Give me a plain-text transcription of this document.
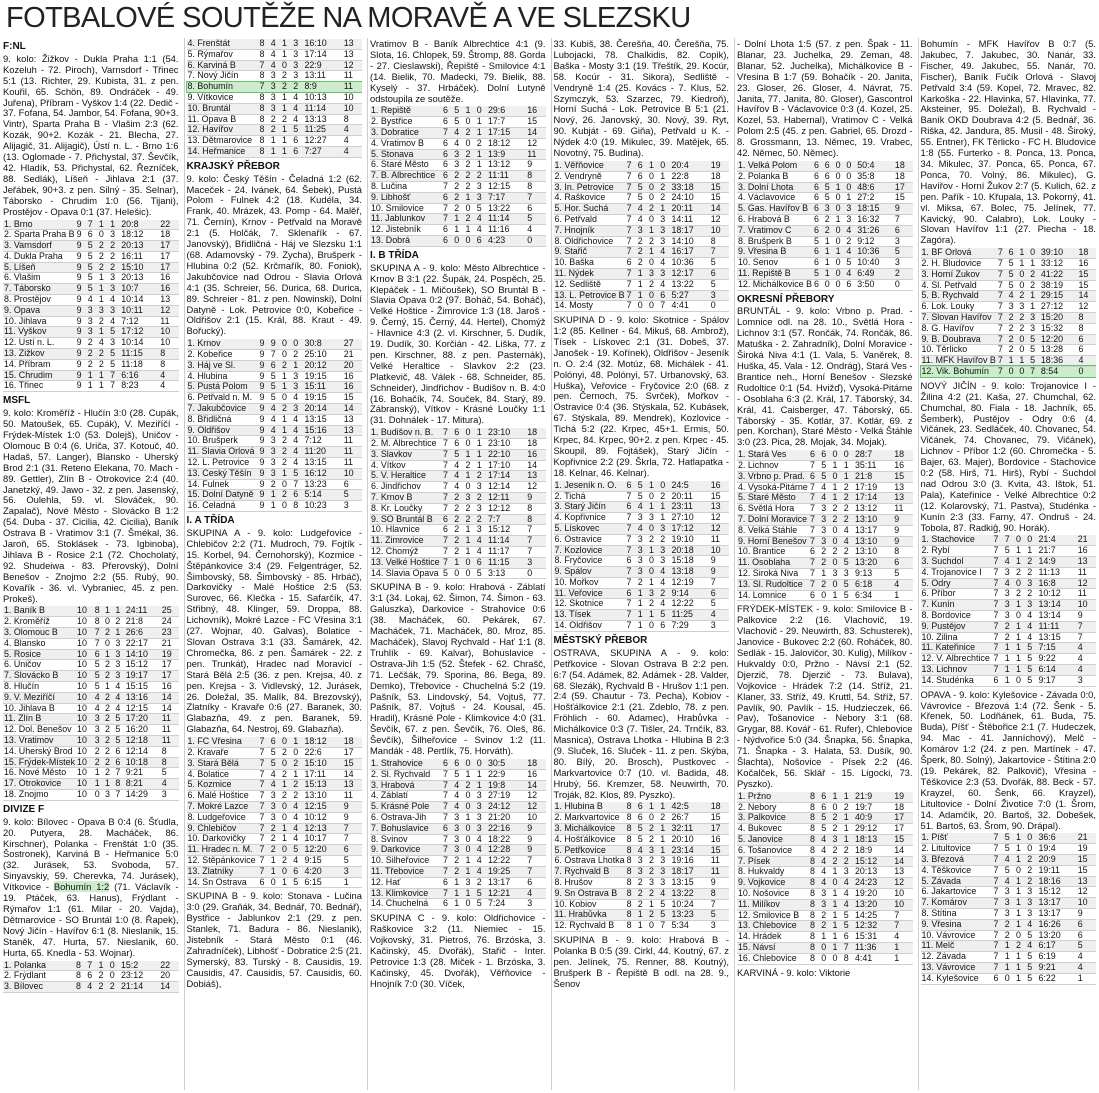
FOTBALOVÉ SOUTĚŽE NA MORAVĚ A VE SLEZSKU
F:NL
9. kolo: Žižkov - Dukla Praha 1:1 (54. Kozeluh - 72. Piroch), Varnsdorf - Třinec 5:1 (13. Richter, 29. Kubista, 31. z pen. Kouřil, 65. Schön, 89. Ondráček - 49. Juřena), Příbram - Vyškov 1:4 (22. Dedič - 37. Fofana, 54. Jambor, 54. Fofana, 90+3. Vintr), Sparta Praha B - Vlašim 2:3 (62. Kozák, 90+2. Kozák - 21. Blecha, 27. Alijagič, 31. Alijagič), Ústí n. L. - Brno 1:6 (13. Oglomade - 7. Přichystal, 37. Ševčík, 42. Hladík, 53. Přichystal, 62. Řezníček, 88. Sedlák), Líšeň - Jihlava 2:1 (37. Jeřábek, 90+3. z pen. Silný - 35. Selnar), Táborsko - Chrudim 1:0 (56. Tijani), Prostějov - Opava 0:1 (37. Helešic).
1. Brno	9	7	1	1	20:8	22
2. Sparta Praha B	9	6	0	3	18:12	18
3. Varnsdorf	9	5	2	2	20:13	17
4. Dukla Praha	9	5	2	2	16:11	17
5. Líšeň	9	5	2	2	15:10	17
6. Vlašim	9	5	1	3	20:13	16
7. Táborsko	9	5	1	3	10:7	16
8. Prostějov	9	4	1	4	10:14	13
9. Opava	9	3	3	3	10:11	12
10. Jihlava	9	3	2	4	7:12	11
11. Vyškov	9	3	1	5	17:12	10
12. Ústí n. L.	9	2	4	3	10:14	10
13. Žižkov	9	2	2	5	11:15	8
14. Příbram	9	2	2	5	11:18	8
15. Chrudim	9	1	1	7	6:16	4
16. Třinec	9	1	1	7	8:23	4
MSFL
9. kolo: Kroměříž - Hlučín 3:0 (28. Cupák, 50. Matoušek, 65. Cupák), V. Meziříčí - Frýdek-Místek 1:0 (53. Dolejš), Uničov - Olomouc B 0:4 (6. Uriča, 37. Kotouč, 40. Hadaš, 57. Langer), Blansko - Uherský Brod 2:1 (31. Reteno Elekana, 70. Mach - 89. Gettler), Zlín B - Otrokovice 2:4 (40. Janetzký, 49. Jawo - 32. z pen. Jasenský, 56. Oulehla, 59. vl. Slováček, 90. Zapalač), Nové Město - Slovácko B 1:2 (54. Duba - 37. Cicilia, 42. Cicilia), Baník Ostrava B - Vratimov 3:1 (7. Šmékal, 36. Jaroň, 65. Stoklásek - 73. Igbinoba), Jihlava B - Rosice 2:1 (72. Chocholatý, 92. Shudeiwa - 83. Přerovský), Dolní Benešov - Znojmo 2:2 (55. Rubý, 90. Kovařík - 36. vl. Vybraniec, 45. z pen. Prokeš).
1. Baník B	10	8	1	1	24:11	25
2. Kroměříž	10	8	0	2	21:8	24
3. Olomouc B	10	7	2	1	26:6	23
4. Blansko	10	7	0	3	22:17	21
5. Rosice	10	6	1	3	14:10	19
6. Uničov	10	5	2	3	15:12	17
7. Slovácko B	10	5	2	3	19:17	17
8. Hlučín	10	5	1	4	15:15	16
9. V. Meziříčí	10	4	2	4	13:16	14
10. Jihlava B	10	4	2	4	12:15	14
11. Zlín B	10	3	2	5	17:20	11
12. Dol. Benešov	10	3	2	5	16:20	11
13. Vratimov	10	3	2	5	12:18	11
14. Uherský Brod	10	2	2	6	12:14	8
15. Frýdek-Místek	10	2	2	6	10:18	8
16. Nové Město	10	1	2	7	9:21	5
17. Otrokovice	10	1	1	8	8:21	4
18. Znojmo	10	0	3	7	14:29	3
DIVIZE F
9. kolo: Bílovec - Opava B 0:4 (6. Šťudla, 20. Putyera, 28. Macháček, 86. Kirschner), Polanka - Frenštát 1:0 (35. Šostronek), Karviná B - Heřmanice 5:0 (32. Jurásek, 53. Svoboda, 57. Sinyavskiy, 59. Cherevka, 74. Jurásek), Vítkovice - Bohumín 1:2 (71. Václavík - 19. Ptáček, 63. Hanus), Frýdlant - Rýmařov 1:1 (61. Milar - 20. Vajda), Dětmarovice - SO Bruntál 1:0 (8. Řapek), Nový Jičín - Havířov 6:1 (8. Nieslanik, 15. Staněk, 47. Hurta, 57. Nieslanik, 60. Hurta, 65. Knedla - 53. Wojnar).
1. Polanka	8	7	1	0	15:2	22
2. Frýdlant	8	6	2	0	23:12	20
3. Bílovec	8	4	2	2	21:14	14
4. Frenštát	8	4	1	3	16:10	13
5. Rýmařov	8	4	1	3	17:14	13
6. Karviná B	7	4	0	3	22:9	12
7. Nový Jičín	8	3	2	3	13:11	11
8. Bohumín	7	3	2	2	8:9	11
9. Vítkovice	8	3	1	4	10:13	10
10. Bruntál	8	3	1	4	11:14	10
11. Opava B	8	2	2	4	13:13	8
12. Havířov	8	2	1	5	11:25	4
13. Dětmarovice	8	1	1	6	12:27	4
14. Heřmanice	8	1	1	6	7:27	4
KRAJSKÝ PŘEBOR
9. kolo: Český Těšín - Čeladná 1:2 (62. Maceček - 24. Ivánek, 64. Šebek), Pustá Polom - Fulnek 4:2 (18. Kudéla, 34. Frank, 40. Mrázek, 43. Pomp - 64. Malěř, 71. Černín), Krnov - Petřvald na Moravě 2:1 (5. Holčák, 7. Sklenařík - 67. Janovský), Břidličná - Háj ve Slezsku 1:1 (68. Adamovský - 79. Zycha), Brušperk - Hlubina 0:2 (52. Krčmařík, 80. Foniok), Jakubčovice nad Odrou - Slavia Orlová 4:1 (35. Schreier, 56. Durica, 68. Durica, 89. Schreier - 81. z pen. Nowinski), Dolní Datyně - Lok. Petrovice 0:0, Kobeřice - Oldřišov 2:1 (15. Král, 88. Kraut - 49. Bořucký).
1. Krnov	9	9	0	0	30:8	27
2. Kobeřice	9	7	0	2	25:10	21
3. Háj ve Sl.	9	6	2	1	20:12	20
4. Hlubina	9	5	1	3	19:15	16
5. Pustá Polom	9	5	1	3	15:11	16
6. Petřvald n. M.	9	5	0	4	19:15	15
7. Jakubčovice	9	4	2	3	20:14	14
8. Břidličná	9	4	1	4	13:15	13
9. Oldřišov	9	4	1	4	15:16	13
10. Brušperk	9	3	2	4	7:12	11
11. Slavia Orlová	9	3	2	4	11:20	11
12. L. Petrovice	9	3	2	4	13:15	11
13. Český Těšín	9	3	1	5	16:12	10
14. Fulnek	9	2	0	7	13:23	6
15. Dolní Datyně	9	1	2	6	5:14	5
16. Čeladná	9	1	0	8	10:23	3
I. A TŘÍDA
SKUPINA A - 9. kolo: Ludgeřovice - Chlebičov 2:2 (71. Mudroch, 79. Fojtík - 15. Korbel, 94. Černohorský), Kozmice - Štěpánkovice 3:4 (29. Felgentráger, 52. Šimbovský, 58. Šimbovský - 85. Hrbáč), Darkovičky - Malé Hoštice 2:5 (53. Surovec, 66. Klečka - 15. Safarčík, 47. Střibný, 48. Klinger, 59. Droppa, 88. Lichovník), Mokré Lazce - FC Vřesina 3:1 (27. Wojnar, 40. Galvas), Bolatice - Slovan Ostrava 3:1 (33. Šamárek, 42. Chromečka, 86. z pen. Šamárek - 22. z pen. Trunkát), Hradec nad Moravicí - Stará Bělá 2:5 (36. z pen. Krejsa, 40. z pen. Krejsa - 3. Vidlevský, 12. Jurásek, 26. Doležal, 35. Malík, 84. Brezovský), Zlatníky - Kravaře 0:6 (27. Baranek, 30. Glabazňa, 49. z pen. Baranek, 59. Glabazňa, 64. Nestroj, 69. Glabazňa).
1. FC Vřesina	7	6	0	1	18:12	18
2. Kravaře	7	5	2	0	22:6	17
3. Stará Bělá	7	5	0	2	15:10	15
4. Bolatice	7	4	2	1	17:11	14
5. Kozmice	7	4	1	2	15:13	13
6. Malé Hoštice	7	3	2	2	13:10	11
7. Mokré Lazce	7	3	0	4	12:15	9
8. Ludgeřovice	7	3	0	4	10:12	9
9. Chlebičov	7	2	1	4	12:13	7
10. Darkovičky	7	2	1	4	10:17	7
11. Hradec n. M.	7	2	0	5	12:20	6
12. Štěpánkovice	7	1	2	4	9:15	5
13. Zlatníky	7	1	0	6	4:20	3
14. Sn Ostrava	6	0	1	5	6:15	1
SKUPINA B - 9. kolo: Stonava - Lučina 3:0 (29. Graňák, 34. Bednář, 70. Bednář), Bystřice - Jablunkov 2:1 (29. z pen. Stanlek, 71. Badura - 86. Nieslanik), Jistebník - Stará Město 0:1 (46. Zahradníček), Libhošť - Dobratice 2:5 (21. Symerský, 83. Turský - 8. Causidis, 19. Causidis, 47. Causidis, 57. Causidis, 60. Dobiáš),
Vratimov B - Baník Albrechtice 4:1 (9. Slota, 16. Chlopek, 59. Štromp, 88. Gorda - 27. Cieslawski), Řepiště - Smilovice 4:1 (14. Bielik, 70. Madecki, 79. Bielik, 88. Kyselý - 37. Hrbáček). Dolní Lutyně odstoupila ze soutěže.
1. Řepiště	6	5	1	0	29:6	16
2. Bystřice	6	5	0	1	17:7	15
3. Dobratice	7	4	2	1	17:15	14
4. Vratimov B	6	4	0	2	18:12	12
5. Stonava	6	3	2	1	13:9	11
6. Staré Město	6	3	2	1	13:12	9
7. B. Albrechtice	6	2	2	2	11:11	8
8. Lučina	7	2	2	3	12:15	8
9. Libhošť	6	2	1	3	7:17	7
10. Smilovice	7	2	0	5	13:22	6
11. Jablunkov	7	1	2	4	11:14	5
12. Jistebník	6	1	1	4	11:16	4
13. Dobrá	6	0	0	6	4:23	0
I. B TŘÍDA
SKUPINA A - 9. kolo: Město Albrechtice - Krnov B 3:1 (22. Šupák, 24. Pospěch, 25. Klepáček - 1. Mičoušek), SO Bruntál B - Slavia Opava 0:2 (97. Boháč, 54. Boháč), Velké Hoštice - Žimrovice 1:3 (18. Jaroš - 9. Černý, 15. Černý, 44. Hertel), Chomýž - Hlavnice 4:3 (2. vl. Kirschner, 5. Dudík, 19. Dudík, 30. Korčián - 42. Liška, 77. z pen. Kirschner, 88. z pen. Pasternák), Velké Heraltice - Slavkov 2:2 (23. Platkevič, 48. Válek - 68. Schneider, 85. Schneider), Jindřichov - Budišov n. B. 4:0 (16. Bohačík, 74. Souček, 84. Starý, 89. Zábranský), Vítkov - Krásné Loučky 1:1 (31. Dohnálek - 17. Mitura).
1. Budišov n. B.	7	6	0	1	23:10	18
2. M. Albrechtice	7	6	0	1	23:10	18
3. Slavkov	7	5	1	1	22:10	16
4. Vítkov	7	4	2	1	17:10	14
5. V. Heraltice	7	4	1	2	17:14	13
6. Jindřichov	7	4	0	3	12:14	12
7. Krnov B	7	2	3	2	12:11	9
8. Kr. Loučky	7	2	2	3	12:12	8
9. SO Bruntál B	6	2	2	2	7:7	8
10. Hlavnice	6	2	1	3	15:12	7
11. Žimrovice	7	2	1	4	11:14	7
12. Chomýž	7	2	1	4	11:17	7
13. Velké Hoštice	7	1	0	6	11:15	3
14. Slavia Opava	5	0	0	5	3:13	0
SKUPINA B - 9. kolo: Hrabová - Záblatí 3:1 (34. Lokaj, 62. Šimon, 74. Šimon - 63. Galuszka), Darkovice - Strahovice 0:6 (38. Macháček, 60. Pekárek, 67. Macháček, 71. Macháček, 80. Mroz, 85. Macháček), Slavoj Rychvald - Hať 1:1 (8. Truhlík - 69. Kalvar), Bohuslavice - Ostrava-Jih 1:5 (52. Štefek - 62. Chrašč, 71. Lečšák, 79. Sporina, 86. Bega, 89. Demko), Třebovice - Chuchelná 5:2 (19. Pašník, 53. Lindovský, 54. Vojtuš, 77. Pašník, 87. Vojtuš - 24. Kousal, 45. Hradil), Krásné Pole - Klimkovice 4:0 (31. Ševčík, 67. z pen. Ševčík, 76. Oleš, 86. Ševčík), Šilheřovice - Svinov 1:2 (11. Mandák - 48. Pertlík, 75. Horváth).
1. Strahovice	6	6	0	0	30:5	18
2. Sl. Rychvald	7	5	1	1	22:9	16
3. Hrabová	7	4	2	1	19:8	14
4. Záblatí	7	4	0	3	27:19	12
5. Krásné Pole	7	4	0	3	24:12	12
6. Ostrava-Jih	7	3	1	3	21:20	10
7. Bohuslavice	6	3	0	3	22:16	9
8. Svinov	7	3	0	4	18:22	9
9. Darkovice	7	3	0	4	12:28	9
10. Šilheřovice	7	2	1	4	12:22	7
11. Třebovice	7	2	1	4	19:25	7
12. Hať	6	1	3	2	13:17	6
13. Klimkovice	7	1	1	5	12:21	4
14. Chuchelná	6	1	0	5	7:24	3
SKUPINA C - 9. kolo: Oldřichovice - Raškovice 3:2 (11. Niemiec - 15. Vojkovský, 31. Pietroś, 76. Brzóska, 3. Kačinský, 45. Dvořák), Stařič - Inter. Petrovice 1:3 (28. Miček - 1. Brzóska, 3. Kačinský, 45. Dvořák), Věřňovice - Hnojník 7:0 (30. Víček,
33. Kubiš, 38. Čerešňa, 40. Čerešňa, 75. Lubojacki, 78. Chalkidis, 82. Copik), Baška - Mosty 3:1 (19. Třeštík, 29. Kocúr, 58. Kocúr - 31. Sikora), Sedliště - Vendryně 1:4 (25. Kovács - 7. Klus, 52. Szymczyk, 53. Szarzec, 79. Kiedroň), Horní Suchá - Lok. Petrovice B 5:1 (21. Nový, 26. Janovský, 30. Nový, 39. Ryt, 90. Kubját - 69. Giňa), Petřvald u K. - Nýdek 4:0 (19. Mikulec, 39. Matějek, 65. Novotný, 75. Budina).
1. Věřňovice	7	6	1	0	20:4	19
2. Vendryně	7	6	0	1	22:8	18
3. In. Petrovice	7	5	0	2	33:18	15
4. Raškovice	7	5	0	2	24:10	15
5. Hor. Suchá	7	4	2	1	20:11	14
6. Petřvald	7	4	0	3	14:11	12
7. Hnojník	7	3	1	3	18:17	10
8. Oldřichovice	7	2	2	3	14:10	8
9. Stařič	7	2	1	4	16:17	7
10. Baška	6	2	0	4	10:36	5
11. Nýdek	7	1	3	3	12:17	6
12. Sedliště	7	1	2	4	13:22	5
13. L. Petrovice B	7	1	0	6	5:27	3
14. Mosty	7	0	0	7	4:41	0
SKUPINA D - 9. kolo: Skotnice - Spálov 1:2 (85. Kellner - 64. Mikuš, 68. Ambrož), Tísek - Lískovec 2:1 (31. Dobeš, 37. Janošek - 19. Kořínek), Oldřišov - Jeseník n. O. 2:4 (32. Motúz, 68. Michálek - 41. Polónyi, 48. Polónyi, 57. Urbanovský, 63. Huška), Veřovice - Fryčovice 2:0 (68. z pen. Černoch, 75. Svrček), Mořkov - Ostravice 0:4 (36. Stýskala, 52. Kubásek, 67. Stýskala, 89. Mendrek), Kozlovice - Tichá 5:2 (22. Krpec, 45+1. Ermis, 50. Krpec, 84. Krpec, 90+2. z pen. Krpec - 45. Skoupil, 89. Fojtášek), Starý Jičín - Kopřivnice 2:2 (29. Škrla, 72. Hatlapatka - 18. Kelnar, 46. Kelnar).
1. Jeseník n. O.	6	5	1	0	24:5	16
2. Tichá	7	5	0	2	20:11	15
3. Starý Jičín	6	4	1	1	23:11	13
4. Kopřivnice	7	3	3	1	27:10	12
5. Lískovec	7	4	0	3	17:12	12
6. Ostravice	7	3	2	2	19:10	11
7. Kozlovice	7	3	1	3	20:18	10
8. Fryčovice	6	3	0	3	15:18	9
9. Spálov	7	3	0	4	13:18	9
10. Mořkov	7	2	1	4	12:19	7
11. Veřovice	6	1	3	2	9:14	6
12. Skotnice	7	1	2	4	12:22	5
13. Tísek	7	1	1	5	11:25	4
14. Oldřišov	7	1	0	6	7:29	3
MĚSTSKÝ PŘEBOR
OSTRAVA, SKUPINA A - 9. kolo: Petřkovice - Slovan Ostrava B 2:2 pen. 6:7 (54. Adámek, 82. Adámek - 28. Valder, 68. Slezák), Rychvald B - Hrušov 1:1 pen. 2:4 (59. Chautur - 73. Pecha), Kobiov - Hošťálkovice 2:1 (21. Zdeblo, 78. z pen. Fröhlich - 60. Adamec), Hrabůvka - Michálkovice 0:3 (7. Tišler, 24. Trnčík, 83. Masnica), Ostrava Lhotka - Hlubina B 2:3 (9. Sluček, 16. Sluček - 11. z pen. Skýba, 80. Bílý, 20. Brosch), Pustkovec - Markvartovice 0:7 (10. vl. Badida, 48. Hrubý, 56. Kremzer, 58. Neuwirth, 70. Troják, 82. Klos, 89. Pyszko).
1. Hlubina B	8	6	1	1	42:5	18
2. Markvartovice	8	6	0	2	26:7	15
3. Michálkovice	8	5	2	1	32:11	17
4. Hošťálkovice	8	5	2	1	20:10	16
5. Petřkovice	8	4	3	1	23:14	15
6. Ostrava Lhotka	8	3	2	3	19:16	11
7. Rychvald B	8	3	2	3	18:17	11
8. Hrušov	8	2	3	3	13:15	9
9. Sn Ostrava B	8	2	2	4	13:22	8
10. Kobiov	8	2	1	5	10:24	7
11. Hrabůvka	8	1	2	5	13:23	5
12. Rychvald B	8	1	0	7	5:34	3
SKUPINA B - 9. kolo: Hrabová B - Polanka B 0:5 (39. Cirkl, 44. Koutný, 67. z pen. Jelínek, 75. Renner, 88. Koutný), Brušperk B - Řepiště B odl. na 28. 9., Šenov
- Dolní Lhota 1:5 (57. z pen. Špak - 11. Blanar, 23. Juchelka, 29. Zeman, 48. Blanar, 52. Juchelka), Michálkovice B - Vřesina B 1:7 (59. Bohačík - 20. Janita, 23. Gloser, 26. Gloser, 4. Návrat, 75. Janita, 77. Janita, 80. Gloser), Gascontrol Havířov B - Václavovice 0:3 (4. Kozel, 25. Kozel, 53. Habernal), Vratimov C - Velká Polom 2:5 (45. z pen. Gabriel, 65. Drozd - 8. Grossmann, 13. Němec, 19. Vrabec, 42. Němec, 50. Němec).
1. Velká Polom	6	6	0	0	50:4	18
2. Polanka B	6	6	0	0	35:8	18
3. Dolní Lhota	6	5	1	0	48:6	17
4. Václavovice	6	5	0	1	27:2	15
5. Gas. Havířov B	6	3	0	3	18:15	9
6. Hrabová B	6	2	1	3	16:32	7
7. Vratimov C	6	2	0	4	31:26	6
8. Brušperk B	5	1	0	2	9:12	3
9. Vřesina B	6	1	1	4	10:36	5
10. Šenov	6	1	0	5	10:40	3
11. Řepiště B	5	1	0	4	6:49	2
12. Michálkovice B	6	0	0	6	3:50	0
OKRESNÍ PŘEBORY
BRUNTÁL - 9. kolo: Vrbno p. Prad. - Lomnice odl. na 28. 10., Světlá Hora - Lichnov 3:1 (57. Rončák, 74. Rončák, 86. Matuška - 2. Zahradník), Dolní Moravice - Široká Niva 4:1 (1. Vala, 5. Vaněrek, 8. Huška, 45. Vala - 12. Ondrág), Stará Ves - Brantice neh., Horní Benešov - Slezské Rudoltice 0:1 (54. Hvižď), Vysoká-Pitárne - Osoblaha 6:3 (2. Král, 17. Táborský, 34. Král, 41. Caisberger, 47. Táborský, 65. Táborský - 35. Kotlár, 37. Kotlár, 69. z pen. Korchan), Staré Město - Velká Štáhle 3:0 (23. Pica, 28. Mojak, 34. Mojak).
1. Stará Ves	6	6	0	0	28:7	18
2. Lichnov	7	5	1	1	35:11	16
3. Vrbno p. Prad.	6	5	0	1	21:8	15
4. Vysoká-Pitárne	7	4	1	2	17:19	13
5. Staré Město	7	4	1	2	17:14	13
6. Světlá Hora	7	3	2	2	13:12	11
7. Dolní Moravice	7	3	2	2	13:10	9
8. Velká Štáhle	7	3	0	4	13:17	9
9. Horní Benešov	7	3	0	4	13:10	9
10. Brantice	6	2	2	2	13:10	8
11. Osoblaha	7	2	0	5	13:20	6
12. Široká Niva	7	1	3	3	9:13	5
13. Sl. Rudoltice	7	2	0	5	6:18	4
14. Lomnice	6	0	1	5	6:34	1
FRÝDEK-MÍSTEK - 9. kolo: Smilovice B - Palkovice 2:2 (16. Vlachovič, 19. Vlachovič - 29. Neuwirth, 83. Schusterek), Janovice - Bukovec 2:2 (60. Roháček, 80. Sedlák - 15. Jalovičor, 30. Kulig), Milíkov - Hukvaldy 0:0, Pržno - Návsí 2:1 (52. Djerzič, 78. Djerzič - 73. Bulava), Vojkovice - Hrádek 7:2 (14. Stříž, 21. Klaner, 33. Stříž, 49. Kruttl, 54. Stříž, 57. Pavlík, 90. Pavlík - 15. Hudzieczek, 66. Pav), Tošanovice - Nebory 3:1 (68. Grygar, 88. Kovář - 61. Rufer), Chlebovice - Nýdvořice 5:0 (34. Šnapka, 56. Šnapka, 71. Šnapka - 3. Halata, 53. Dušík, 90. Šlachta), Nošovice - Písek 2:2 (46. Kočalček, 56. Sklář - 15. Ligocki, 73. Pyszko).
1. Pržno	8	6	1	1	21:9	19
2. Nebory	8	6	0	2	19:7	18
3. Palkovice	8	5	2	1	40:9	17
4. Bukovec	8	5	2	1	29:12	17
5. Janovice	8	4	3	1	18:13	15
6. Tošanovice	8	4	2	2	18:9	14
7. Písek	8	4	2	2	15:12	14
8. Hukvaldy	8	4	1	3	20:13	13
9. Vojkovice	8	4	0	4	24:23	12
10. Nošovice	8	3	1	4	19:20	10
11. Milíkov	8	3	1	4	13:20	10
12. Smilovice B	8	2	1	5	14:25	7
13. Chlebovice	8	2	1	5	12:32	7
14. Hrádek	8	1	1	6	15:31	4
15. Návsí	8	0	1	7	11:36	1
16. Chlebovice	8	0	0	8	4:41	1
KARVINÁ - 9. kolo: Viktorie
Bohumín - MFK Havířov B 0:7 (5. Jakubec, 7. Jakubec, 30. Nanár, 33. Fischer, 49. Jakubec, 55. Nanár, 70. Fischer), Baník Fučík Orlová - Slavoj Petřvald 3:4 (59. Kopel, 72. Mravec, 82. Karkoška - 22. Hlavinka, 57. Hlavinka, 77. Aksteiner, 95. Doležal), B. Rychvald - Baník OKD Doubrava 4:2 (5. Bednář, 36. Riška, 42. Jandura, 85. Musil - 48. Široký, 55. Entner), FK Těrlicko - FC H. Bludovice 1:8 (55. Furterko - 8. Ponca, 13. Ponca, 34. Mikulec, 37. Ponca, 65. Ponca, 67. Ponca, 70. Volný, 86. Mikulec), G. Havířov - Horní Žukov 2:7 (5. Kulich, 62. z pen. Pařík - 10. Křupala, 13. Pokorný, 41. vl. Miksa, 67. Bolec, 75. Jelínek, 77. Kavický, 90. Calabro), Lok. Louky - Slovan Havířov 1:1 (27. Piecha - 18. Zagóra).
1. BF Orlová	7	6	1	0	39:10	18
2. H. Bludovice	7	5	1	1	33:12	16
3. Horní Žukov	7	5	0	2	41:22	15
4. Sl. Petřvald	7	5	0	2	38:19	15
5. B. Rychvald	7	4	2	1	29:15	14
6. Lok. Louky	7	3	3	1	27:12	12
7. Slovan Havířov	7	2	2	3	15:20	8
8. G. Havířov	7	2	2	3	15:32	8
9. B. Doubrava	7	2	0	5	12:20	6
10. Těrlicko	7	2	0	5	13:28	6
11. MFK Havířov B	7	1	1	5	18:36	4
12. Vik. Bohumín	7	0	0	7	8:54	0
NOVÝ JIČÍN - 9. kolo: Trojanovice I - Žilina 4:2 (21. Kaša, 27. Chumchal, 62. Chumchal, 80. Fiala - 18. Jachník, 65. Šemberk), Pustějov - Odry 0:6 (4. Vičánek, 23. Sedláček, 40. Chovanec, 54. Vičánek, 74. Chovanec, 79. Vičánek), Lichnov - Příbor 1:2 (60. Chromečka - 5. Bajer, 63. Majer), Bordovice - Stachovice 0:2 (58. Hirš, 71. Hirš), Rybí - Suchdol nad Odrou 3:0 (3. Kvita, 43. Ištok, 51. Pala), Kateřinice - Velké Albrechtice 0:2 (12. Kolarovský, 71. Pastva), Studénka - Kunín 2:3 (33. Farny, 47. Ondruš - 24. Tobola, 87. Radkiĝ, 90. Horák).
1. Stachovice	7	7	0	0	21:4	21
2. Rybí	7	5	1	1	21:7	16
3. Suchdol	7	4	1	2	14:9	13
4. Trojanovice I	7	3	2	2	11:13	11
5. Odry	7	4	0	3	16:8	12
6. Příbor	7	3	2	2	10:12	11
7. Kunín	7	3	1	3	13:14	10
8. Bordovice	7	3	0	4	13:14	9
9. Pustějov	7	2	1	4	11:11	7
10. Žilina	7	2	1	4	13:15	7
11. Kateřinice	7	1	1	5	7:15	4
12. V. Albrechtice	7	1	1	5	9:22	4
13. Lichnov	7	1	1	5	6:14	4
14. Studénka	6	1	0	5	9:17	3
OPAVA - 9. kolo: Kylešovice - Závada 0:0, Vávrovice - Březová 1:4 (72. Šenk - 5. Křenek, 50. Lodňánek, 61. Buda, 75. Buda), Píšť - Štěbořice 2:1 (7. Hudeczek, 94. Mac - 41. Janníchový), Melč - Komárov 1:2 (24. z pen. Martínek - 47. Šperk, 80. Solný), Jakartovice - Štítina 2:0 (19. Pekárek, 82. Palkovič), Vřesina - Těškovice 2:3 (53. Dvořák, 88. Beck - 57. Krayzel, 60. Šenk, 66. Krayzel), Litultovice - Dolní Životice 7:0 (1. Šrom, 14. Adamčík, 20. Bartoš, 32. Dobešek, 51. Bartoš, 63. Šrom, 90. Drápal).
1. Píšť	7	5	1	0	36:6	21
2. Litultovice	7	5	1	0	19:4	19
3. Březová	7	4	1	2	20:9	15
4. Těškovice	7	5	0	2	19:11	15
5. Závada	7	4	1	2	18:16	13
6. Jakartovice	7	3	1	3	15:12	12
7. Komárov	7	3	1	3	13:17	10
8. Štítina	7	3	1	3	13:17	9
9. Vřesina	7	2	1	4	16:26	6
10. Vávrovice	7	2	0	5	13:20	6
11. Melč	7	1	2	4	6:17	5
12. Závada	7	1	1	5	6:19	4
13. Vávrovice	7	1	1	5	9:21	4
14. Kylešovice	6	0	1	5	6:22	1
